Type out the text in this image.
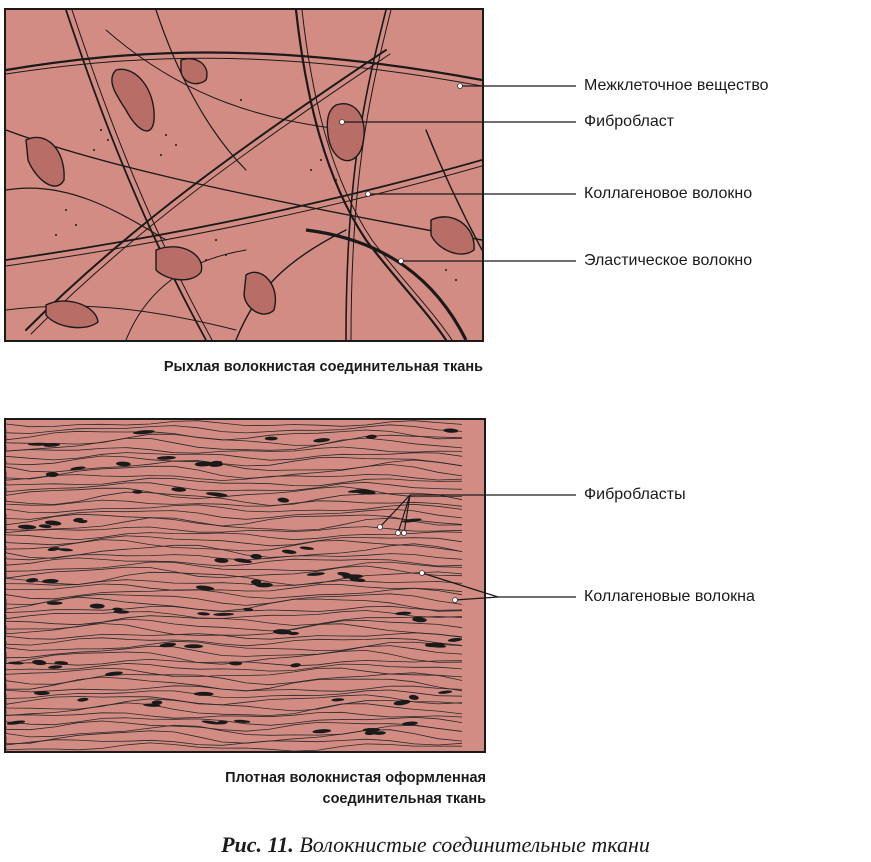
Межклеточное вещество
Фибробласт
Коллагеновое волокно
Эластическое волокно
Фибробласты
Коллагеновые волокна
Рыхлая волокнистая соединительная ткань
Плотная волокнистая оформленная
соединительная ткань
Рис. 11. Волокнистые соединительные ткани
